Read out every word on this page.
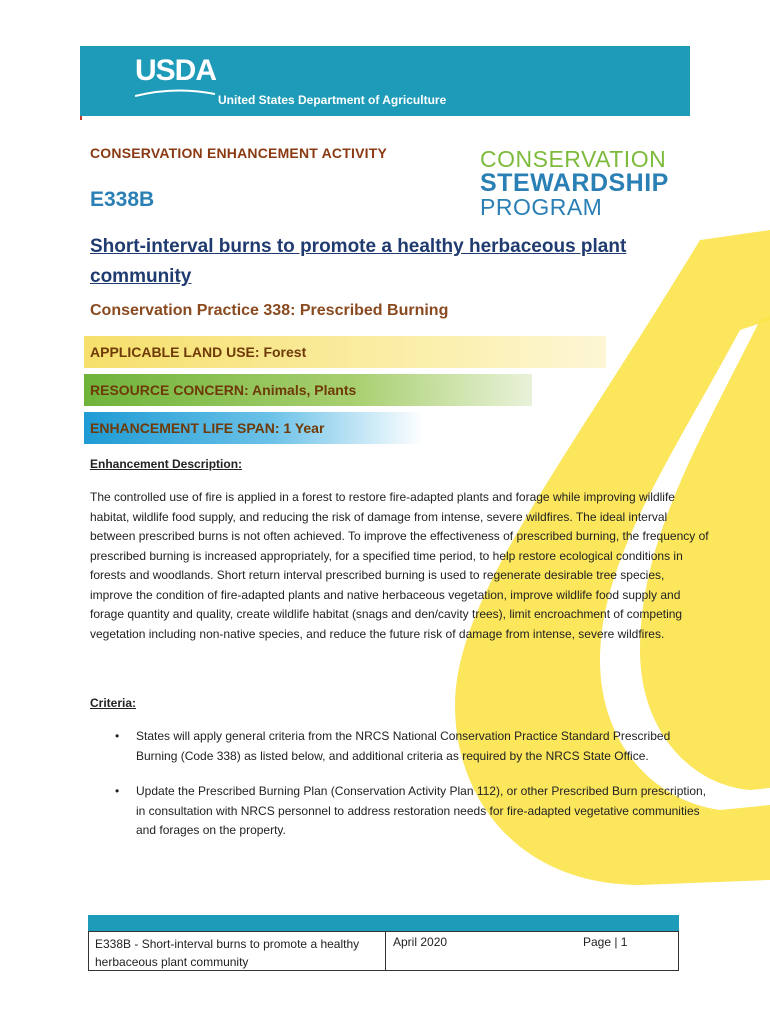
USDA
United States Department of Agriculture
CONSERVATION ENHANCEMENT ACTIVITY
E338B
CONSERVATION
STEWARDSHIP
PROGRAM
Short-interval burns to promote a healthy herbaceous plant community
Conservation Practice 338: Prescribed Burning
APPLICABLE LAND USE: Forest
RESOURCE CONCERN: Animals, Plants
ENHANCEMENT LIFE SPAN: 1 Year
Enhancement Description:

The controlled use of fire is applied in a forest to restore fire-adapted plants and forage while improving wildlife habitat, wildlife food supply, and reducing the risk of damage from intense, severe wildfires. The ideal interval between prescribed burns is not often achieved. To improve the effectiveness of prescribed burning, the frequency of prescribed burning is increased appropriately, for a specified time period, to help restore ecological conditions in forests and woodlands. Short return interval prescribed burning is used to regenerate desirable tree species, improve the condition of fire-adapted plants and native herbaceous vegetation, improve wildlife food supply and forage quantity and quality, create wildlife habitat (snags and den/cavity trees), limit encroachment of competing vegetation including non-native species, and reduce the future risk of damage from intense, severe wildfires.

Criteria:
• States will apply general criteria from the NRCS National Conservation Practice Standard Prescribed Burning (Code 338) as listed below, and additional criteria as required by the NRCS State Office.
• Update the Prescribed Burning Plan (Conservation Activity Plan 112), or other Prescribed Burn prescription, in consultation with NRCS personnel to address restoration needs for fire-adapted vegetative communities and forages on the property.
E338B - Short-interval burns to promote a healthy herbaceous plant community
April 2020	Page | 1
